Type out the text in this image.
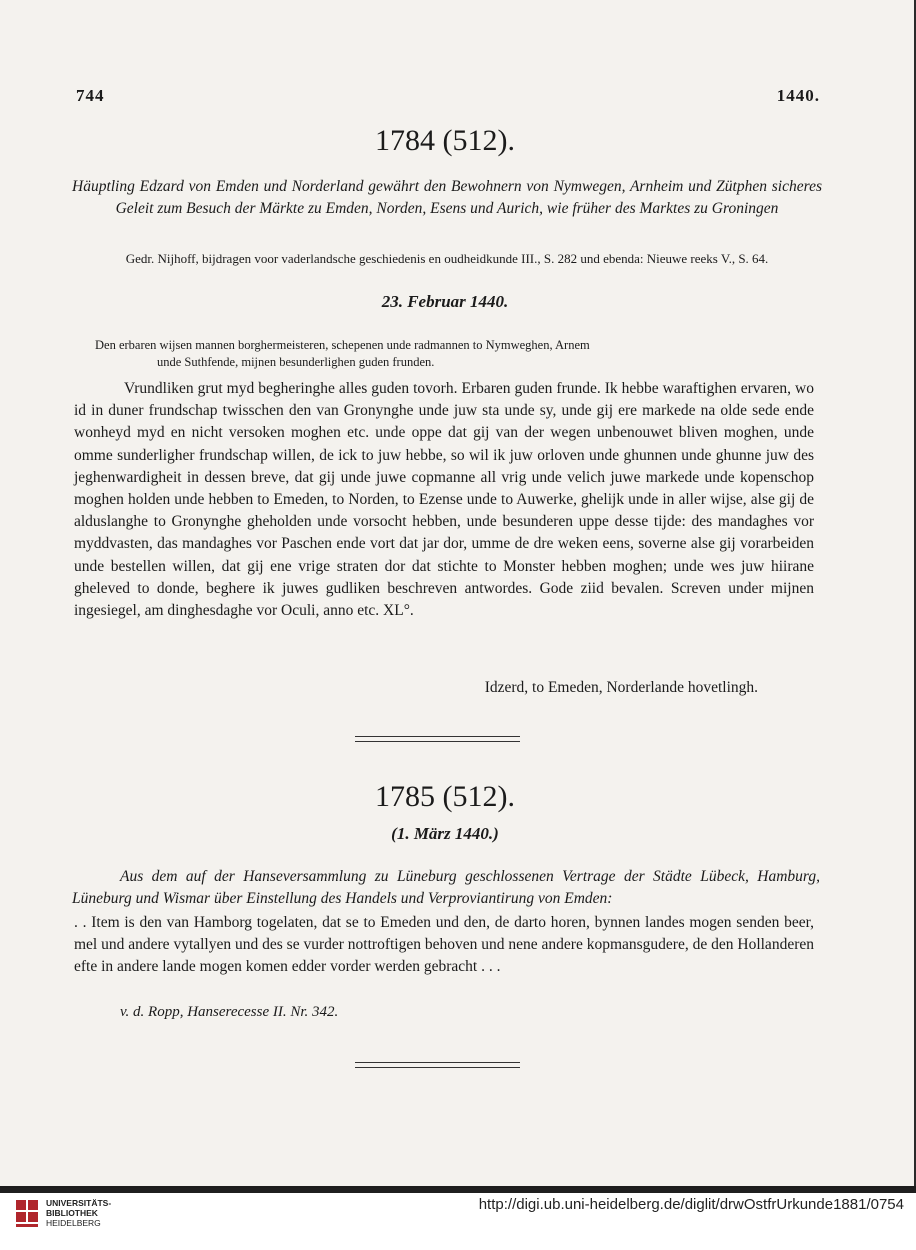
744	1440.
1784 (512).
Häuptling Edzard von Emden und Norderland gewährt den Bewohnern von Nymwegen, Arnheim und Zütphen sicheres Geleit zum Besuch der Märkte zu Emden, Norden, Esens und Aurich, wie früher des Marktes zu Groningen
Gedr. Nijhoff, bijdragen voor vaderlandsche geschiedenis en oudheidkunde III., S. 282 und ebenda: Nieuwe reeks V., S. 64.
23. Februar 1440.

Den erbaren wijsen mannen borghermeisteren, schepenen unde radmannen to Nymweghen, Arnem

unde Suthfende, mijnen besunderlighen guden frunden.

Vrundliken grut myd begheringhe alles guden tovorh. Erbaren guden frunde. Ik hebbe waraftighen ervaren, wo id in duner frundschap twisschen den van Gronynghe unde juw sta unde sy, unde gij ere markede na olde sede ende wonheyd myd en nicht versoken moghen etc. unde oppe dat gij van der wegen unbenouwet bliven moghen, unde omme sunderligher frundschap willen, de ick to juw hebbe, so wil ik juw orloven unde ghunnen unde ghunne juw des jeghenwardigheit in dessen breve, dat gij unde juwe copmanne all vrig unde velich juwe markede unde kopenschop moghen holden unde hebben to Emeden, to Norden, to Ezense unde to Auwerke, ghelijk unde in aller wijse, alse gij de alduslanghe to Gronynghe gheholden unde vorsocht hebben, unde besunderen uppe desse tijde: des mandaghes vor myddvasten, das mandaghes vor Paschen ende vort dat jar dor, umme de dre weken eens, soverne alse gij vorarbeiden unde bestellen willen, dat gij ene vrige straten dor dat stichte to Monster hebben moghen; unde wes juw hiirane gheleved to donde, beghere ik juwes gudliken beschreven antwordes. Gode ziid bevalen. Screven under mijnen ingesiegel, am dinghesdaghe vor Oculi, anno etc. XL°.

Idzerd, to Emeden, Norderlande hovetlingh.
1785 (512).
(1. März 1440.)
Aus dem auf der Hanseversammlung zu Lüneburg geschlossenen Vertrage der Städte Lübeck, Hamburg, Lüneburg und Wismar über Einstellung des Handels und Verproviantirung von Emden:

. . Item is den van Hamborg togelaten, dat se to Emeden und den, de darto horen, bynnen landes mogen senden beer, mel und andere vytallyen und des se vurder nottroftigen behoven und nene andere kopmansgudere, de den Hollanderen efte in andere lande mogen komen edder vorder werden gebracht . . .

v. d. Ropp, Hanserecesse II. Nr. 342.
UNIVERSITÄTS-
BIBLIOTHEK
HEIDELBERG
http://digi.ub.uni-heidelberg.de/diglit/drwOstfrUrkunde1881/0754
